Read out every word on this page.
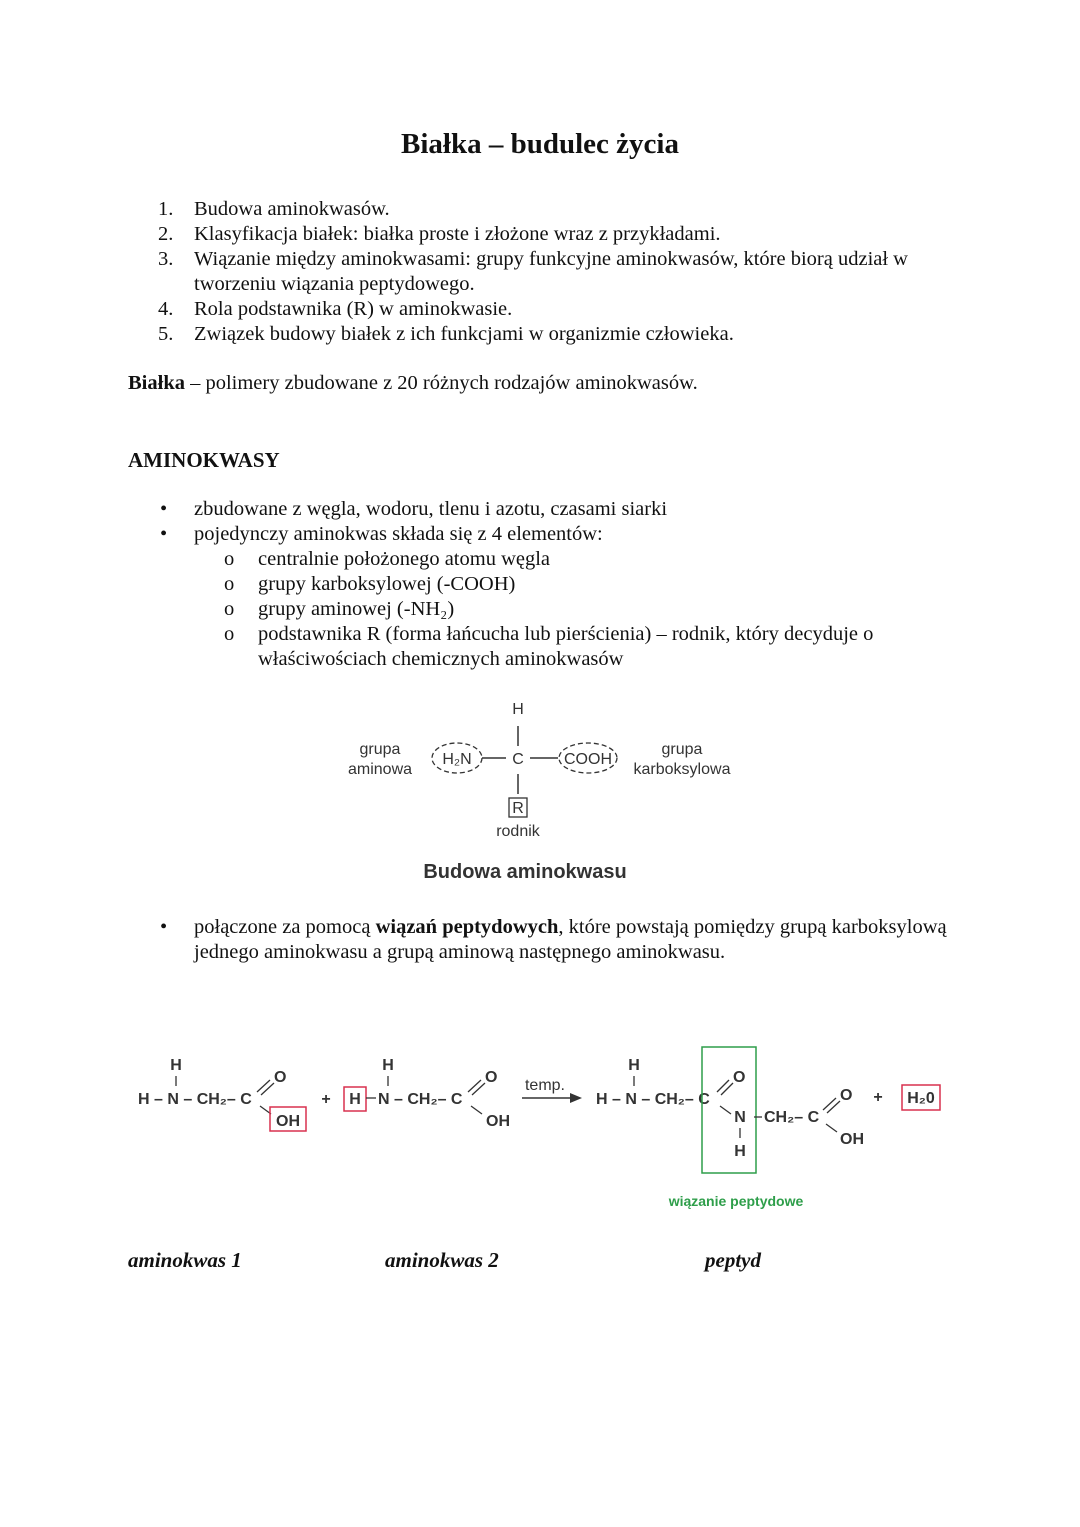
Białka – budulec życia
1.	Budowa aminokwasów.
2.	Klasyfikacja białek: białka proste i złożone wraz z przykładami.
3.	Wiązanie między aminokwasami: grupy funkcyjne aminokwasów, które biorą udział w tworzeniu wiązania peptydowego.
4.	Rola podstawnika (R) w aminokwasie.
5.	Związek budowy białek z ich funkcjami w organizmie człowieka.
Białka – polimery zbudowane z 20 różnych rodzajów aminokwasów.
AMINOKWASY
•	zbudowane z węgla, wodoru, tlenu i azotu, czasami siarki
•	pojedynczy aminokwas składa się z 4 elementów:
o	centralnie położonego atomu węgla
o	grupy karboksylowej (-COOH)
o	grupy aminowej (-NH₂)
o	podstawnika R (forma łańcucha lub pierścienia) – rodnik, który decyduje o właściwościach chemicznych aminokwasów
H
C
R
rodnik
H₂N	COOH
grupa
aminowa
grupa
karboksylowa
Budowa aminokwasu
•	połączone za pomocą wiązań peptydowych, które powstają pomiędzy grupą karboksylową jednego aminokwasu a grupą aminową następnego aminokwasu.
H
H – N – CH₂– C
O
OH
+ H
H
N – CH₂– C
O
OH
temp.
H
H – N – CH₂– C
O
N
H
CH₂– C
O
OH
+ H₂0
wiązanie peptydowe
aminokwas 1	aminokwas 2	peptyd
